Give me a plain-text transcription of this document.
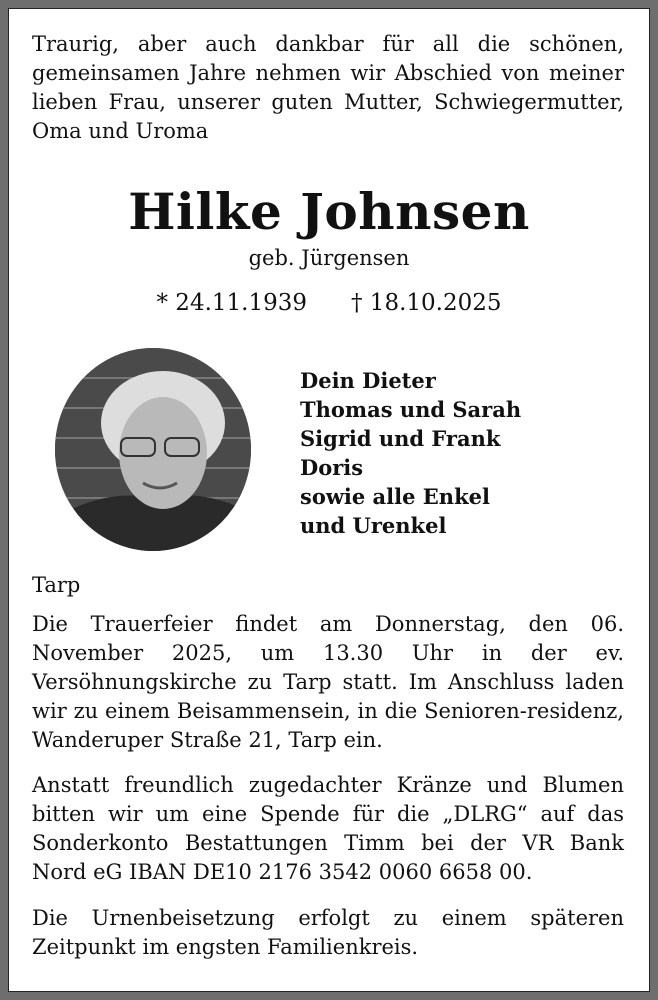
Traurig, aber auch dankbar für all die schönen, gemeinsamen Jahre nehmen wir Abschied von meiner lieben Frau, unserer guten Mutter, Schwiegermutter, Oma und Uroma
Hilke Johnsen
geb. Jürgensen
* 24.11.1939 † 18.10.2025
Dein Dieter
Thomas und Sarah
Sigrid und Frank
Doris
sowie alle Enkel
und Urenkel
Tarp
Die Trauerfeier findet am Donnerstag, den 06. November 2025, um 13.30 Uhr in der ev. Versöhnungskirche zu Tarp statt. Im Anschluss laden wir zu einem Beisammensein, in die Senioren-residenz, Wanderuper Straße 21, Tarp ein.
Anstatt freundlich zugedachter Kränze und Blumen bitten wir um eine Spende für die „DLRG“ auf das Sonderkonto Bestattungen Timm bei der VR Bank Nord eG IBAN DE10 2176 3542 0060 6658 00.
Die Urnenbeisetzung erfolgt zu einem späteren Zeitpunkt im engsten Familienkreis.
